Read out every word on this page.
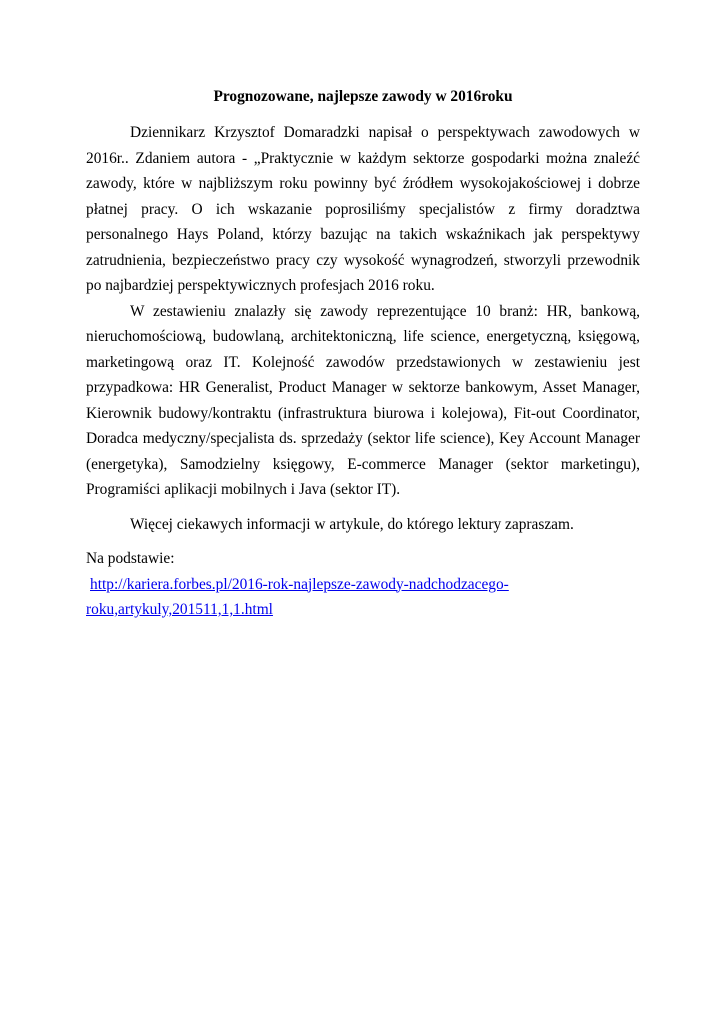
Prognozowane, najlepsze zawody w 2016roku

Dziennikarz Krzysztof Domaradzki napisał o perspektywach zawodowych w 2016r.. Zdaniem autora - „Praktycznie w każdym sektorze gospodarki można znaleźć zawody, które w najbliższym roku powinny być źródłem wysokojakościowej i dobrze płatnej pracy. O ich wskazanie poprosiliśmy specjalistów z firmy doradztwa personalnego Hays Poland, którzy bazując na takich wskaźnikach jak perspektywy zatrudnienia, bezpieczeństwo pracy czy wysokość wynagrodzeń, stworzyli przewodnik po najbardziej perspektywicznych profesjach 2016 roku.

W zestawieniu znalazły się zawody reprezentujące 10 branż: HR, bankową, nieruchomościową, budowlaną, architektoniczną, life science, energetyczną, księgową, marketingową oraz IT. Kolejność zawodów przedstawionych w zestawieniu jest przypadkowa: HR Generalist, Product Manager w sektorze bankowym, Asset Manager, Kierownik budowy/kontraktu (infrastruktura biurowa i kolejowa), Fit-out Coordinator, Doradca medyczny/specjalista ds. sprzedaży (sektor life science), Key Account Manager (energetyka), Samodzielny księgowy, E-commerce Manager (sektor marketingu), Programiści aplikacji mobilnych i Java (sektor IT).

Więcej ciekawych informacji w artykule, do którego lektury zapraszam.

Na podstawie:

http://kariera.forbes.pl/2016-rok-najlepsze-zawody-nadchodzacego-
roku,artykuly,201511,1,1.html
